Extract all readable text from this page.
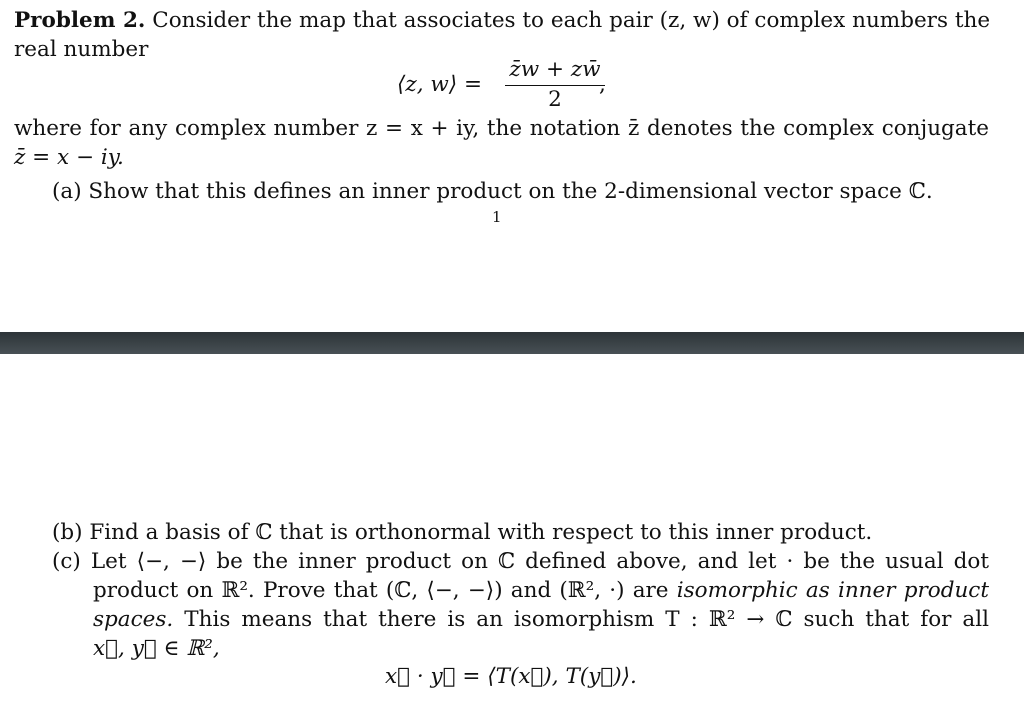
Problem 2. Consider the map that associates to each pair (z, w) of complex numbers the
real number
⟨z, w⟩ = $\frac{z̄w + zw̄}{2}$
,
where for any complex number z = x + iy, the notation z̄ denotes the complex conjugate
z̄ = x − iy.
(a) Show that this defines an inner product on the 2-dimensional vector space ℂ.
1
(b) Find a basis of ℂ that is orthonormal with respect to this inner product.
(c) Let ⟨−, −⟩ be the inner product on ℂ defined above, and let · be the usual dot
product on ℝ². Prove that (ℂ, ⟨−, −⟩) and (ℝ², ·) are isomorphic as inner product
spaces. This means that there is an isomorphism T : ℝ² → ℂ such that for all
x⃗, y⃗ ∈ ℝ²,
x⃗ · y⃗ = ⟨T(x⃗), T(y⃗)⟩.
